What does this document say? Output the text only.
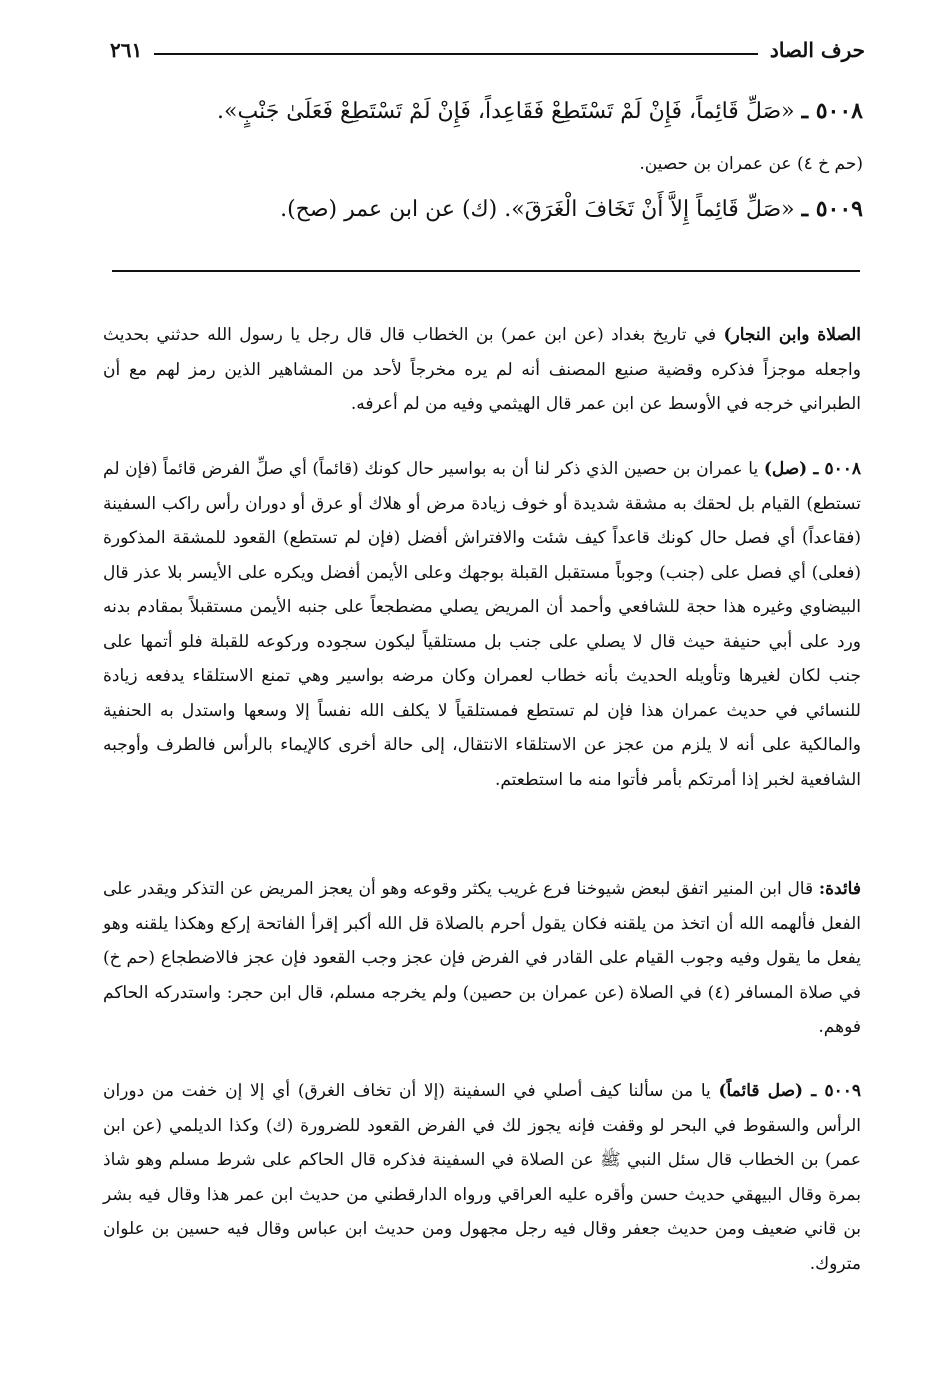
حرف الصاد
٢٦١
٥٠٠٨ ـ «صَلِّ قَائِماً، فَإِنْ لَمْ تَسْتَطِعْ فَقَاعِداً، فَإِنْ لَمْ تَسْتَطِعْ فَعَلَىٰ جَنْبٍ».
(حم خ ٤) عن عمران بن حصين.
٥٠٠٩ ـ «صَلِّ قَائِماً إِلاَّ أَنْ تَخَافَ الْغَرَقَ». (ك) عن ابن عمر (صح).

الصلاة وابن النجار) في تاريخ بغداد (عن ابن عمر) بن الخطاب قال قال رجل يا رسول الله حدثني بحديث واجعله موجزاً فذكره وقضية صنيع المصنف أنه لم يره مخرجاً لأحد من المشاهير الذين رمز لهم مع أن الطبراني خرجه في الأوسط عن ابن عمر قال الهيثمي وفيه من لم أعرفه.

٥٠٠٨ ـ (صل) يا عمران بن حصين الذي ذكر لنا أن به بواسير حال كونك (قائماً) أي صلِّ الفرض قائماً (فإن لم تستطع) القيام بل لحقك به مشقة شديدة أو خوف زيادة مرض أو هلاك أو عرق أو دوران رأس راكب السفينة (فقاعداً) أي فصل حال كونك قاعداً كيف شئت والافتراش أفضل (فإن لم تستطع) القعود للمشقة المذكورة (فعلى) أي فصل على (جنب) وجوباً مستقبل القبلة بوجهك وعلى الأيمن أفضل ويكره على الأيسر بلا عذر قال البيضاوي وغيره هذا حجة للشافعي وأحمد أن المريض يصلي مضطجعاً على جنبه الأيمن مستقبلاً بمقادم بدنه ورد على أبي حنيفة حيث قال لا يصلي على جنب بل مستلقياً ليكون سجوده وركوعه للقبلة فلو أتمها على جنب لكان لغيرها وتأويله الحديث بأنه خطاب لعمران وكان مرضه بواسير وهي تمنع الاستلقاء يدفعه زيادة للنسائي في حديث عمران هذا فإن لم تستطع فمستلقياً لا يكلف الله نفساً إلا وسعها واستدل به الحنفية والمالكية على أنه لا يلزم من عجز عن الاستلقاء الانتقال، إلى حالة أخرى كالإيماء بالرأس فالطرف وأوجبه الشافعية لخبر إذا أمرتكم بأمر فأتوا منه ما استطعتم.

فائدة: قال ابن المنير اتفق لبعض شيوخنا فرع غريب يكثر وقوعه وهو أن يعجز المريض عن التذكر ويقدر على الفعل فألهمه الله أن اتخذ من يلقنه فكان يقول أحرم بالصلاة قل الله أكبر إقرأ الفاتحة إركع وهكذا يلقنه وهو يفعل ما يقول وفيه وجوب القيام على القادر في الفرض فإن عجز وجب القعود فإن عجز فالاضطجاع (حم خ) في صلاة المسافر (٤) في الصلاة (عن عمران بن حصين) ولم يخرجه مسلم، قال ابن حجر: واستدركه الحاكم فوهم.

٥٠٠٩ ـ (صل قائماً) يا من سألنا كيف أصلي في السفينة (إلا أن تخاف الغرق) أي إلا إن خفت من دوران الرأس والسقوط في البحر لو وقفت فإنه يجوز لك في الفرض القعود للضرورة (ك) وكذا الديلمي (عن ابن عمر) بن الخطاب قال سئل النبي ﷺ عن الصلاة في السفينة فذكره قال الحاكم على شرط مسلم وهو شاذ بمرة وقال البيهقي حديث حسن وأقره عليه العراقي ورواه الدارقطني من حديث ابن عمر هذا وقال فيه بشر بن قاني ضعيف ومن حديث جعفر وقال فيه رجل مجهول ومن حديث ابن عباس وقال فيه حسين بن علوان متروك.
